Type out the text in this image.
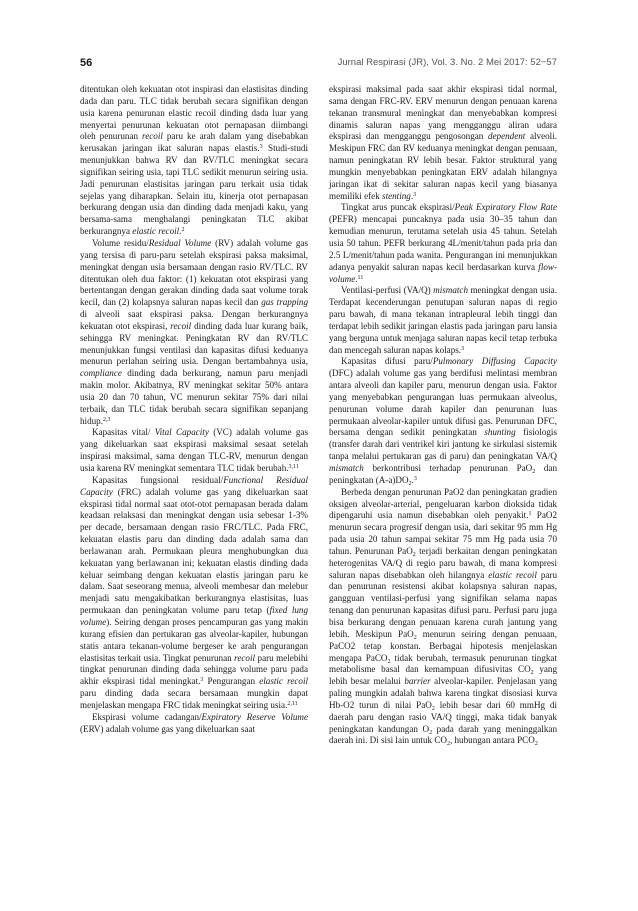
56	Jurnal Respirasi (JR), Vol. 3. No. 2 Mei 2017: 52−57

ditentukan oleh kekuatan otot inspirasi dan elastisitas dinding dada dan paru. TLC tidak berubah secara signifikan dengan usia karena penurunan elastic recoil dinding dada luar yang menyertai penurunan kekuatan otot pernapasan diimbangi oleh penurunan recoil paru ke arah dalam yang disebabkan kerusakan jaringan ikat saluran napas elastis.$^3$ Studi-studi menunjukkan bahwa RV dan RV/TLC meningkat secara signifikan seiring usia, tapi TLC sedikit menurun seiring usia. Jadi penurunan elastisitas jaringan paru terkait usia tidak sejelas yang diharapkan. Selain itu, kinerja otot pernapasan berkurang dengan usia dan dinding dada menjadi kaku, yang bersama-sama menghalangi peningkatan TLC akibat berkurangnya elastic recoil.$^2$

Volume residu/Residual Volume (RV) adalah volume gas yang tersisa di paru-paru setelah ekspirasi paksa maksimal, meningkat dengan usia bersamaan dengan rasio RV/TLC. RV ditentukan oleh dua faktor: (1) kekuatan otot ekspirasi yang bertentangan dengan gerakan dinding dada saat volume torak kecil, dan (2) kolapsnya saluran napas kecil dan gas trapping di alveoli saat ekspirasi paksa. Dengan berkurangnya kekuatan otot ekspirasi, recoil dinding dada luar kurang baik, sehingga RV meningkat. Peningkatan RV dan RV/TLC menunjukkan fungsi ventilasi dan kapasitas difusi keduanya menurun perlahan seiring usia. Dengan bertambahnya usia, compliance dinding dada berkurang, namun paru menjadi makin molor. Akibatnya, RV meningkat sekitar 50% antara usia 20 dan 70 tahun, VC menurun sekitar 75% dari nilai terbaik, dan TLC tidak berubah secara signifikan sepanjang hidup.$^{2,3}$

Kapasitas vital/ Vital Capacity (VC) adalah volume gas yang dikeluarkan saat ekspirasi maksimal sesaat setelah inspirasi maksimal, sama dengan TLC-RV, menurun dengan usia karena RV meningkat sementara TLC tidak berubah.$^{3,11}$

Kapasitas fungsional residual/Functional Residual Capacity (FRC) adalah volume gas yang dikeluarkan saat ekspirasi tidal normal saat otot-otot pernapasan berada dalam keadaan relaksasi dan meningkat dengan usia sebesar 1-3% per decade, bersamaan dengan rasio FRC/TLC. Pada FRC, kekuatan elastis paru dan dinding dada adalah sama dan berlawanan arah. Permukaan pleura menghubungkan dua kekuatan yang berlawanan ini; kekuatan elastis dinding dada keluar seimbang dengan kekuatan elastis jaringan paru ke dalam. Saat seseorang menua, alveoli membesar dan melebur menjadi satu mengakibatkan berkurangnya elastisitas, luas permukaan dan peningkatan volume paru tetap (fixed lung volume). Seiring dengan proses pencampuran gas yang makin kurang efisien dan pertukaran gas alveolar-kapiler, hubungan statis antara tekanan-volume bergeser ke arah pengurangan elastisitas terkait usia. Tingkat penurunan recoil paru melebihi tingkat penurunan dinding dada sehingga volume paru pada akhir ekspirasi tidal meningkat.$^3$ Pengurangan elastic recoil paru dinding dada secara bersamaan mungkin dapat menjelaskan mengapa FRC tidak meningkat seiring usia.$^{2,11}$

Ekspirasi volume cadangan/Expiratory Reserve Volume (ERV) adalah volume gas yang dikeluarkan saat

ekspirasi maksimal pada saat akhir ekspirasi tidal normal, sama dengan FRC-RV. ERV menurun dengan penuaan karena tekanan transmural meningkat dan menyebabkan kompresi dinamis saluran napas yang mengganggu aliran udara ekspirasi dan mengganggu pengosongan dependent alveoli. Meskipun FRC dan RV keduanya meningkat dengan penuaan, namun peningkatan RV lebih besar. Faktor struktural yang mungkin menyebabkan peningkatan ERV adalah hilangnya jaringan ikat di sekitar saluran napas kecil yang biasanya memiliki efek stenting.$^3$

Tingkat arus puncak ekspirasi/Peak Expiratory Flow Rate (PEFR) mencapai puncaknya pada usia 30–35 tahun dan kemudian menurun, terutama setelah usia 45 tahun. Setelah usia 50 tahun. PEFR berkurang 4L/menit/tahun pada pria dan 2.5 L/menit/tahun pada wanita. Pengurangan ini menunjukkan adanya penyakit saluran napas kecil berdasarkan kurva flow-volume.$^{11}$

Ventilasi-perfusi (VA/Q) mismatch meningkat dengan usia. Terdapat kecenderungan penutupan saluran napas di regio paru bawah, di mana tekanan intrapleural lebih tinggi dan terdapat lebih sedikit jaringan elastis pada jaringan paru lansia yang berguna untuk menjaga saluran napas kecil tetap terbuka dan mencegah saluran napas kolaps.$^3$

Kapasitas difusi paru/Pulmonary Diffusing Capacity (DFC) adalah volume gas yang berdifusi melintasi membran antara alveoli dan kapiler paru, menurun dengan usia. Faktor yang menyebabkan pengurangan luas permukaan alveolus, penurunan volume darah kapiler dan penurunan luas permukaan alveolar-kapiler untuk difusi gas. Penurunan DFC, bersama dengan sedikit peningkatan shunting fisiologis (transfer darah dari ventrikel kiri jantung ke sirkulasi sistemik tanpa melalui pertukaran gas di paru) dan peningkatan VA/Q mismatch berkontribusi terhadap penurunan PaO$_2$ dan peningkatan $(A-a)DO_2.^3$

Berbeda dengan penurunan PaO2 dan peningkatan gradien oksigen alveolar-arterial, pengeluaran karbon dioksida tidak dipengaruhi usia namun disebabkan oleh penyakit.$^1$ PaO2 menurun secara progresif dengan usia, dari sekitar 95 mm Hg pada usia 20 tahun sampai sekitar 75 mm Hg pada usia 70 tahun. Penurunan PaO$_2$ terjadi berkaitan dengan peningkatan heterogenitas VA/Q di regio paru bawah, di mana kompresi saluran napas disebabkan oleh hilangnya elastic recoil paru dan penurunan resistensi akibat kolapsnya saluran napas, gangguan ventilasi-perfusi yang signifikan selama napas tenang dan penurunan kapasitas difusi paru. Perfusi paru juga bisa berkurang dengan penuaan karena curah jantung yang lebih. Meskipun PaO$_2$ menurun seiring dengan penuaan, PaCO2 tetap konstan. Berbagai hipotesis menjelaskan mengapa PaCO$_2$ tidak berubah, termasuk penurunan tingkat metabolisme basal dan kemampuan difusivitas $CO_2$ yang lebih besar melalui barrier alveolar-kapiler. Penjelasan yang paling mungkin adalah bahwa karena tingkat disosiasi kurva Hb-O2 turun di nilai PaO$_2$ lebih besar dari 60 mmHg di daerah paru dengan rasio VA/Q tinggi, maka tidak banyak peningkatan kandungan $O_2$ pada darah yang meninggalkan daerah ini. Di sisi lain untuk $CO_2$, hubungan antara $PCO_2$
